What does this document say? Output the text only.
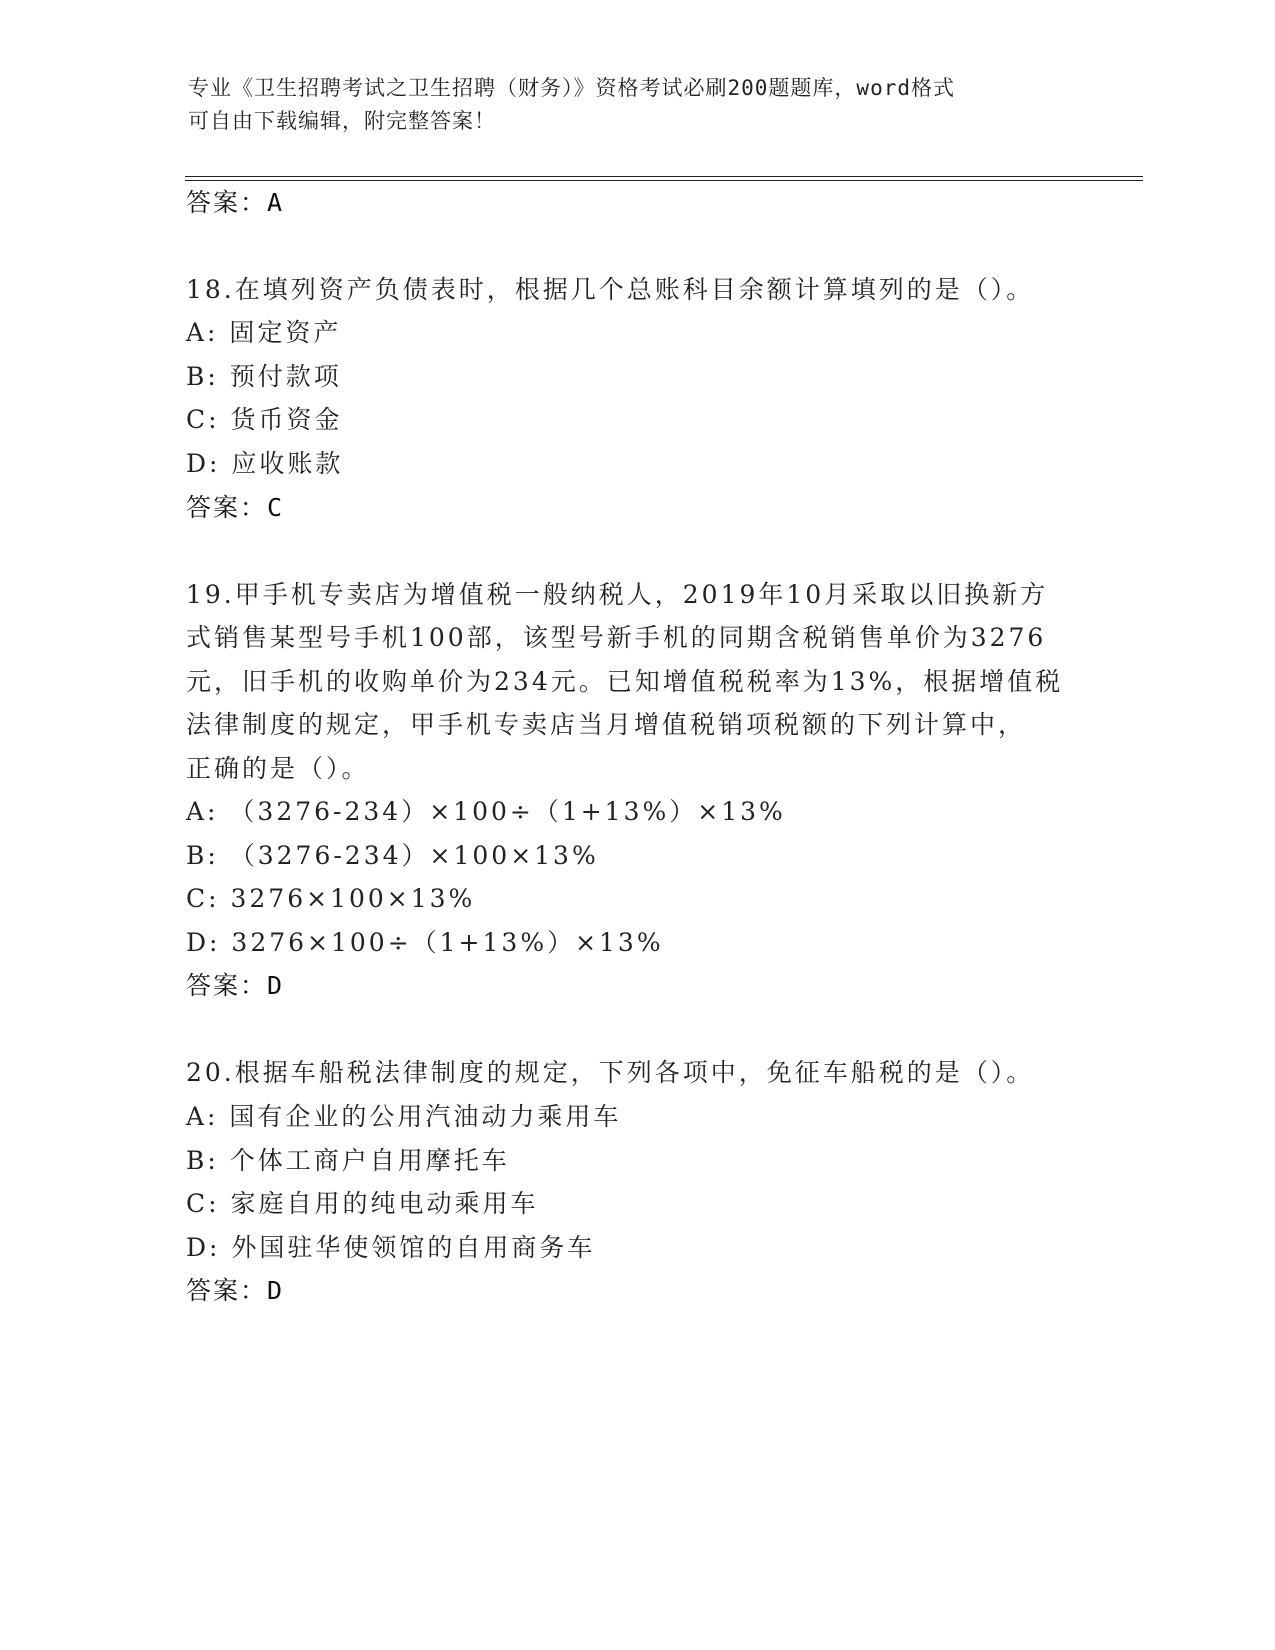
专业《卫生招聘考试之卫生招聘（财务）》资格考试必刷200题题库，word格式
可自由下载编辑，附完整答案！
答案：A
18.在填列资产负债表时，根据几个总账科目余额计算填列的是（）。
A: 固定资产
B: 预付款项
C: 货币资金
D: 应收账款
答案：C
19.甲手机专卖店为增值税一般纳税人，2019年10月采取以旧换新方
式销售某型号手机100部，该型号新手机的同期含税销售单价为3276
元，旧手机的收购单价为234元。已知增值税税率为13%，根据增值税
法律制度的规定，甲手机专卖店当月增值税销项税额的下列计算中，
正确的是（）。
A: （3276-234）×100÷（1+13%）×13%
B: （3276-234）×100×13%
C: 3276×100×13%
D: 3276×100÷（1+13%）×13%
答案：D
20.根据车船税法律制度的规定，下列各项中，免征车船税的是（）。
A: 国有企业的公用汽油动力乘用车
B: 个体工商户自用摩托车
C: 家庭自用的纯电动乘用车
D: 外国驻华使领馆的自用商务车
答案：D
